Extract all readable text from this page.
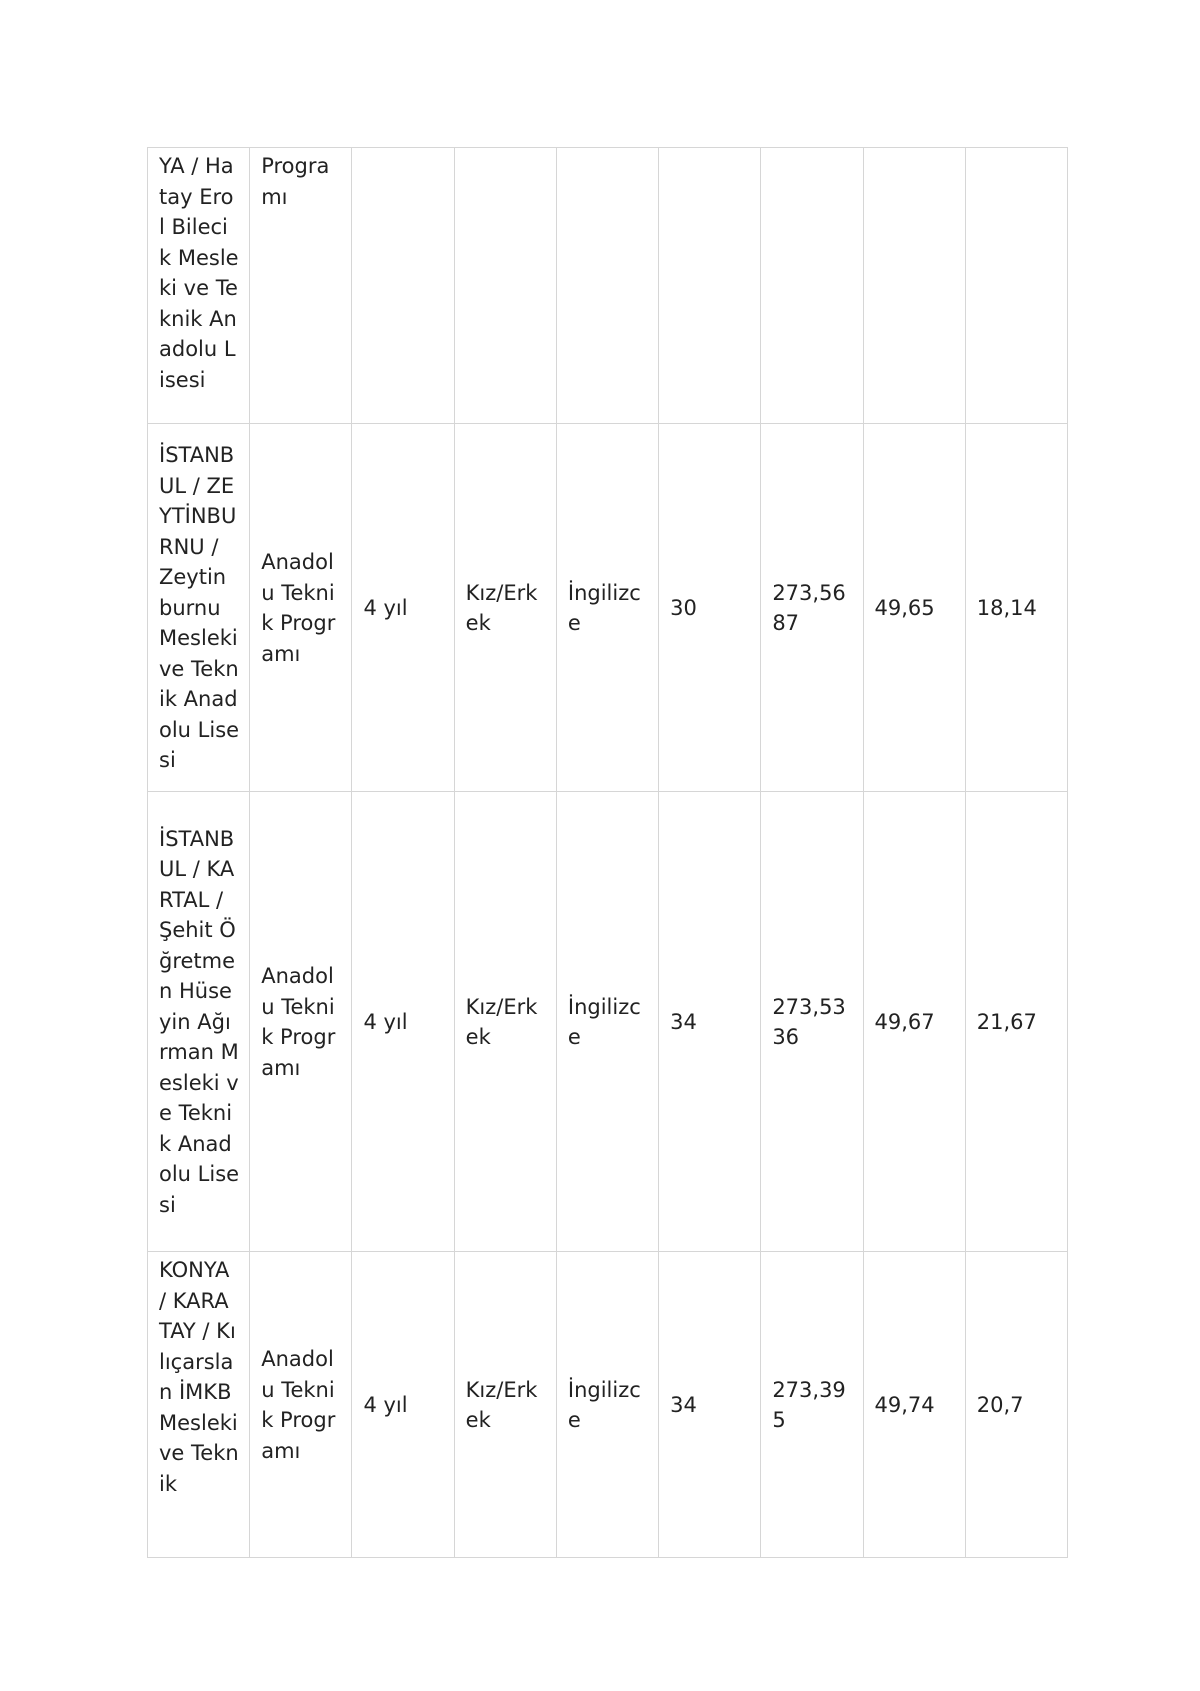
YA / Hatay Erol Bilecik Mesleki ve Teknik Anadolu Lisesi	Programı							
İSTANBUL / ZEYTİNBURNU / Zeytinburnu Mesleki ve Teknik Anadolu Lisesi	Anadolu Teknik Programı	4 yıl	Kız/Erkek	İngilizce	30	273,5687	49,65	18,14
İSTANBUL / KARTAL / Şehit Öğretmen Hüseyin Ağırman Mesleki ve Teknik Anadolu Lisesi	Anadolu Teknik Programı	4 yıl	Kız/Erkek	İngilizce	34	273,5336	49,67	21,67
KONYA / KARATAY / Kılıçarslan İMKB Mesleki ve Teknik	Anadolu Teknik Programı	4 yıl	Kız/Erkek	İngilizce	34	273,395	49,74	20,7
